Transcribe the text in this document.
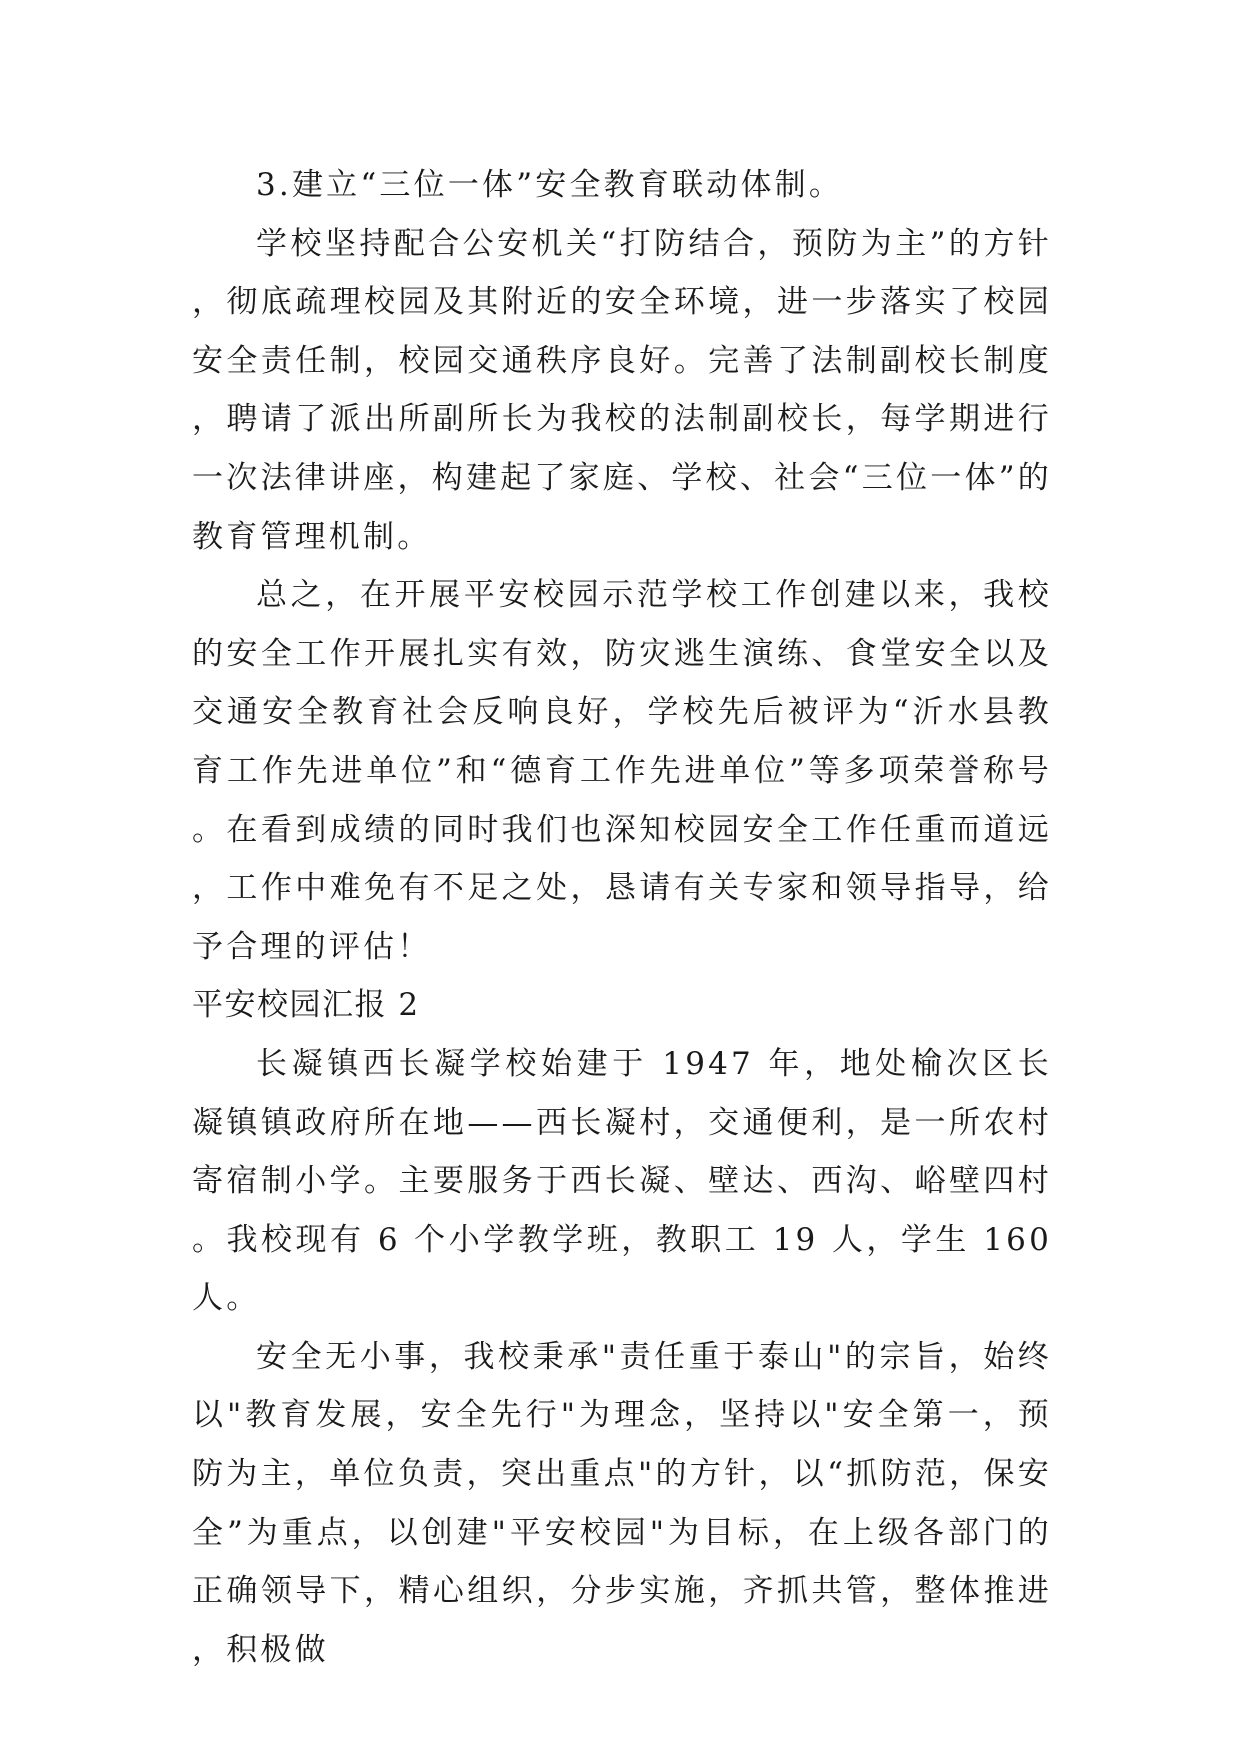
3.建立“三位一体”安全教育联动体制。

学校坚持配合公安机关“打防结合，预防为主”的方针，彻底疏理校园及其附近的安全环境，进一步落实了校园安全责任制，校园交通秩序良好。完善了法制副校长制度，聘请了派出所副所长为我校的法制副校长，每学期进行一次法律讲座，构建起了家庭、学校、社会“三位一体”的教育管理机制。

总之，在开展平安校园示范学校工作创建以来，我校的安全工作开展扎实有效，防灾逃生演练、食堂安全以及交通安全教育社会反响良好，学校先后被评为“沂水县教育工作先进单位”和“德育工作先进单位”等多项荣誉称号。在看到成绩的同时我们也深知校园安全工作任重而道远，工作中难免有不足之处，恳请有关专家和领导指导，给予合理的评估！

平安校园汇报 2

长凝镇西长凝学校始建于 1947 年，地处榆次区长凝镇镇政府所在地——西长凝村，交通便利，是一所农村寄宿制小学。主要服务于西长凝、壁达、西沟、峪壁四村。我校现有 6 个小学教学班，教职工 19 人，学生 160 人。

安全无小事，我校秉承"责任重于泰山"的宗旨，始终以"教育发展，安全先行"为理念，坚持以"安全第一，预防为主，单位负责，突出重点"的方针，以“抓防范，保安全”为重点，以创建"平安校园"为目标，在上级各部门的正确领导下，精心组织，分步实施，齐抓共管，整体推进，积极做
